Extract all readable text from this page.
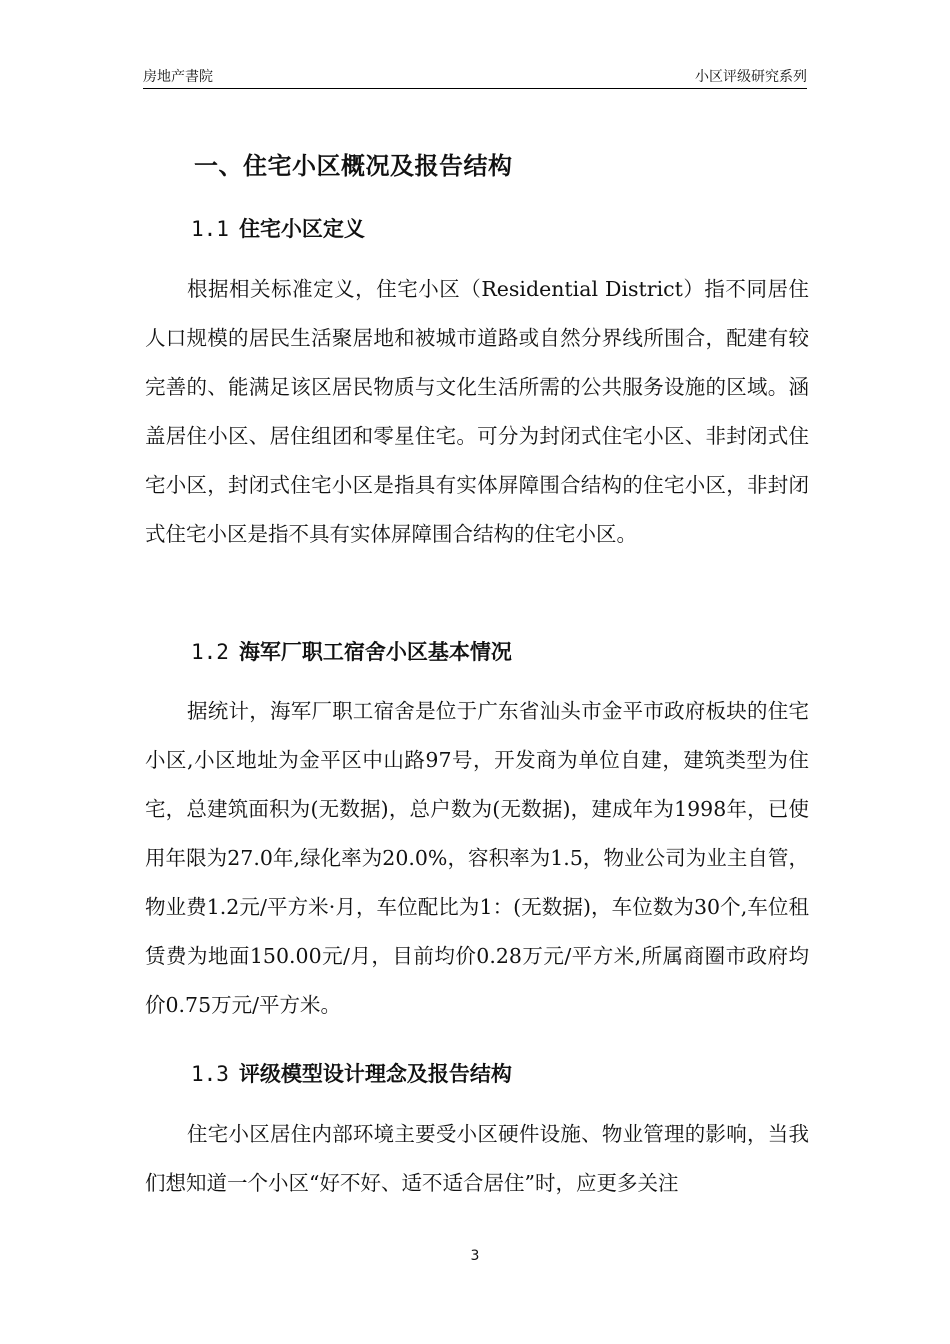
房地产書院	小区评级研究系列
一、住宅小区概况及报告结构
1.1 住宅小区定义
根据相关标准定义，住宅小区（Residential District）指不同居住人口规模的居民生活聚居地和被城市道路或自然分界线所围合，配建有较完善的、能满足该区居民物质与文化生活所需的公共服务设施的区域。涵盖居住小区、居住组团和零星住宅。可分为封闭式住宅小区、非封闭式住宅小区，封闭式住宅小区是指具有实体屏障围合结构的住宅小区，非封闭式住宅小区是指不具有实体屏障围合结构的住宅小区。
1.2 海军厂职工宿舍小区基本情况
据统计，海军厂职工宿舍是位于广东省汕头市金平市政府板块的住宅小区,小区地址为金平区中山路97号，开发商为单位自建，建筑类型为住宅，总建筑面积为(无数据)，总户数为(无数据)，建成年为1998年，已使用年限为27.0年,绿化率为20.0%，容积率为1.5，物业公司为业主自管，物业费1.2元/平方米·月，车位配比为1：(无数据)，车位数为30个,车位租赁费为地面150.00元/月，目前均价0.28万元/平方米,所属商圈市政府均价0.75万元/平方米。
1.3 评级模型设计理念及报告结构
住宅小区居住内部环境主要受小区硬件设施、物业管理的影响，当我们想知道一个小区“好不好、适不适合居住”时，应更多关注
3
